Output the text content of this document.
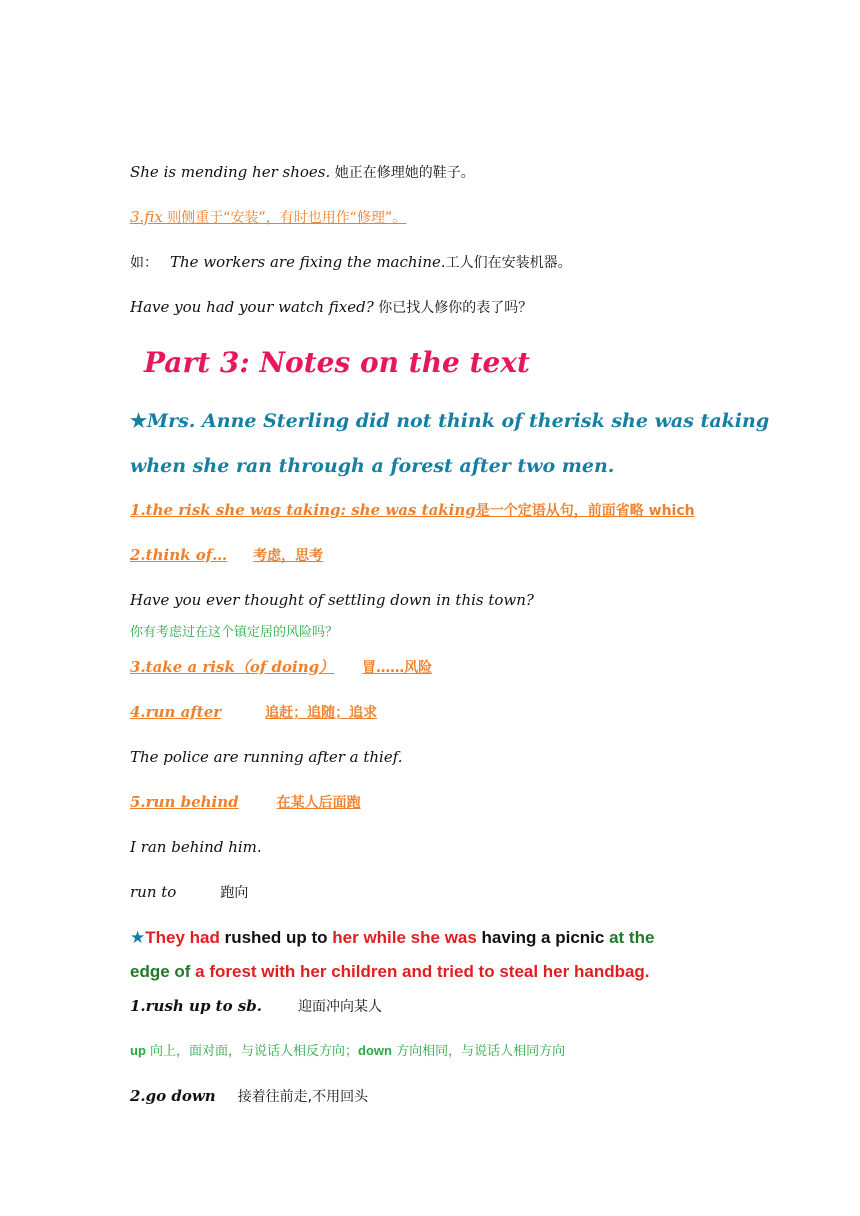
She is mending her shoes. 她正在修理她的鞋子。
3.fix 则侧重于“安装”，有时也用作“修理”。
如： The workers are fixing the machine.工人们在安装机器。
Have you had your watch fixed? 你已找人修你的表了吗？
Part 3: Notes on the text
★Mrs. Anne Sterling did not think of therisk she was taking
when she ran through a forest after two men.
1.the risk she was taking: she was taking是一个定语从句，前面省略 which
2.think of… 考虑，思考
Have you ever thought of settling down in this town?
你有考虑过在这个镇定居的风险吗？
3.take a risk（of doing） 冒……风险
4.run after	追赶；追随；追求
The police are running after a thief.
5.run behind	在某人后面跑
I ran behind him.
run to	跑向
★They had rushed up to her while she was having a picnic at the
edge of a forest with her children and tried to steal her handbag.
1.rush up to sb.	迎面冲向某人
up 向上，面对面，与说话人相反方向；down 方向相同，与说话人相同方向
2.go down 接着往前走,不用回头
